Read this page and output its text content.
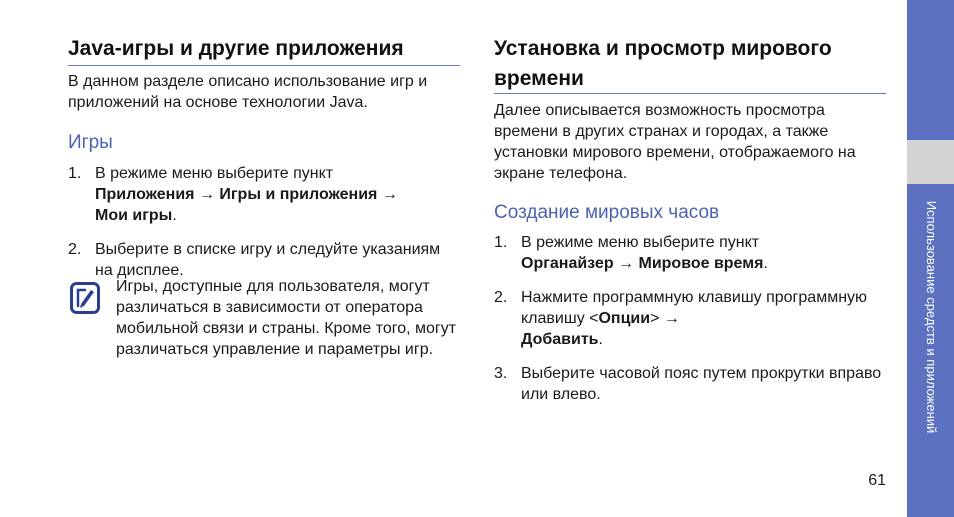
Java-игры и другие приложения

В данном разделе описано использование игр и приложений на основе технологии Java.

Игры
1. В режиме меню выберите пункт
Приложения → Игры и приложения →
Мои игры.
2. Выберите в списке игру и следуйте указаниям на дисплее.
Игры, доступные для пользователя, могут различаться в зависимости от оператора мобильной связи и страны. Кроме того, могут различаться управление и параметры игр.
Установка и просмотр мирового времени

Далее описывается возможность просмотра времени в других странах и городах, а также установки мирового времени, отображаемого на экране телефона.

Создание мировых часов
1. В режиме меню выберите пункт
Органайзер → Мировое время.
2. Нажмите программную клавишу программную клавишу <Опции> →
Добавить.
3. Выберите часовой пояс путем прокрутки вправо или влево.	Использование средств и приложений
61
